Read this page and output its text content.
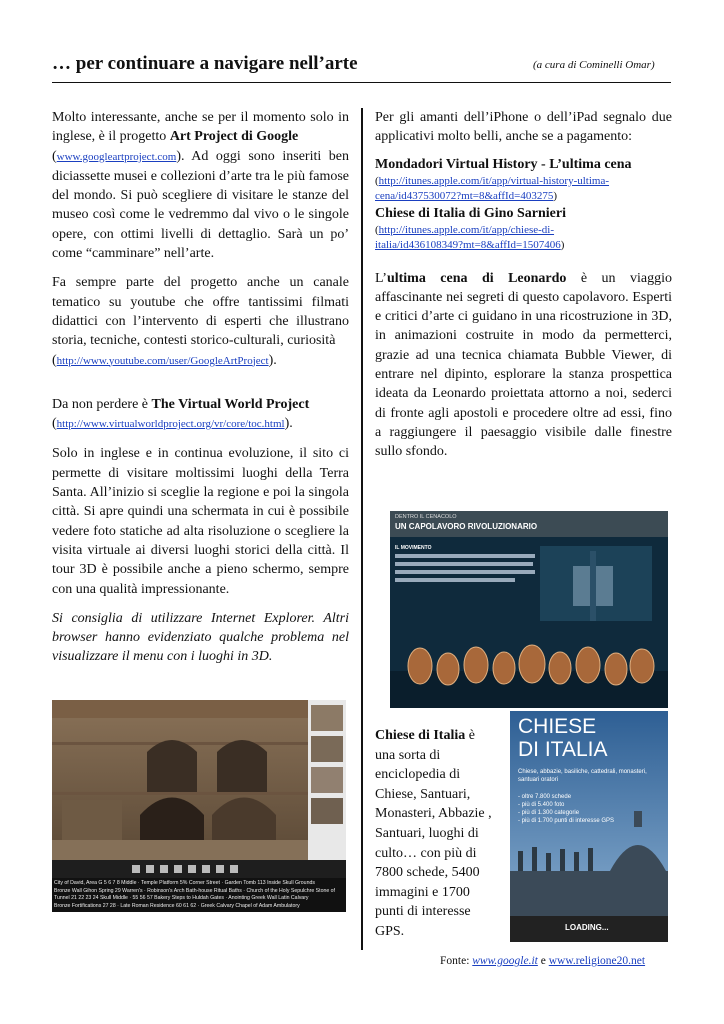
… per continuare a navigare nell’arte	(a cura di Cominelli Omar)

Molto interessante, anche se per il momento solo in inglese, è il progetto Art Project di Google
(www.googleartproject.com). Ad oggi sono inseriti ben diciassette musei e collezioni d’arte tra le più famose del mondo. Si può scegliere di visitare le stanze del museo così come le vedremmo dal vivo o le singole opere, con ottimi livelli di dettaglio. Sarà un po’ come “camminare” nell’arte.

Fa sempre parte del progetto anche un canale tematico su youtube che offre tantissimi filmati didattici con l’intervento di esperti che illustrano storia, tecniche, contesti storico-culturali, curiosità
(http://www.youtube.com/user/GoogleArtProject).

Da non perdere è The Virtual World Project
(http://www.virtualworldproject.org/vr/core/toc.html).

Solo in inglese e in continua evoluzione, il sito ci permette di visitare moltissimi luoghi della Terra Santa. All’inizio si sceglie la regione e poi la singola città. Si apre quindi una schermata in cui è possibile vedere foto statiche ad alta risoluzione o scegliere la visita virtuale ai diversi luoghi storici della città. Il tour 3D è possibile anche a pieno schermo, sempre con una qualità impressionante.

Si consiglia di utilizzare Internet Explorer. Altri browser hanno evidenziato qualche problema nel visualizzare il menu con i luoghi in 3D.

City of David, Area G 5 6 7 8 Middle · Temple Platform 5% Corner Street · Garden Tomb 113 Inside Skull Grounds
Bronze Wall Gihon Spring 29 Warren's · Robinson's Arch Bath-house Ritual Baths · Church of the Holy Sepulchre Stone of
Tunnel 21 22 23 24 Skull Middle · 55 56 57 Bakery Steps to Huldah Gates · Anointing Greek Wall Latin Calvary
Bronze Fortifications 27 28 · Late Roman Residence 60 61 62 · Greek Calvary Chapel of Adam Ambulatory

Per gli amanti dell’iPhone o dell’iPad segnalo due applicativi molto belli, anche se a pagamento:

Mondadori Virtual History - L’ultima cena
(http://itunes.apple.com/it/app/virtual-history-ultima-
cena/id437530072?mt=8&affId=403275)
Chiese di Italia di Gino Sarnieri
(http://itunes.apple.com/it/app/chiese-di-
italia/id436108349?mt=8&affId=1507406)

L’ultima cena di Leonardo è un viaggio affascinante nei segreti di questo capolavoro. Esperti e critici d’arte ci guidano in una ricostruzione in 3D, in animazioni costruite in modo da permetterci, grazie ad una tecnica chiamata Bubble Viewer, di entrare nel dipinto, esplorare la stanza prospettica ideata da Leonardo proiettata attorno a noi, sederci di fronte agli apostoli e procedere oltre ad essi, fino a raggiungere il paesaggio visibile dalle finestre sullo sfondo.

DENTRO IL CENACOLO
UN CAPOLAVORO RIVOLUZIONARIO
IL MOVIMENTO
Chiese di Italia è
una sorta di
enciclopedia di
Chiese, Santuari,
Monasteri, Abbazie ,
Santuari, luoghi di
culto… con più di
7800 schede, 5400
immagini e 1700
punti di interesse
GPS.
CHIESE
DI ITALIA
Chiese, abbazie, basiliche, cattedrali, monasteri, santuari oratori
- oltre 7.800 schede
- più di 5.400 foto
- più di 1.300 categorie
- più di 1.700 punti di interesse GPS
LOADING...
Fonte: www.google.it e www.religione20.net
